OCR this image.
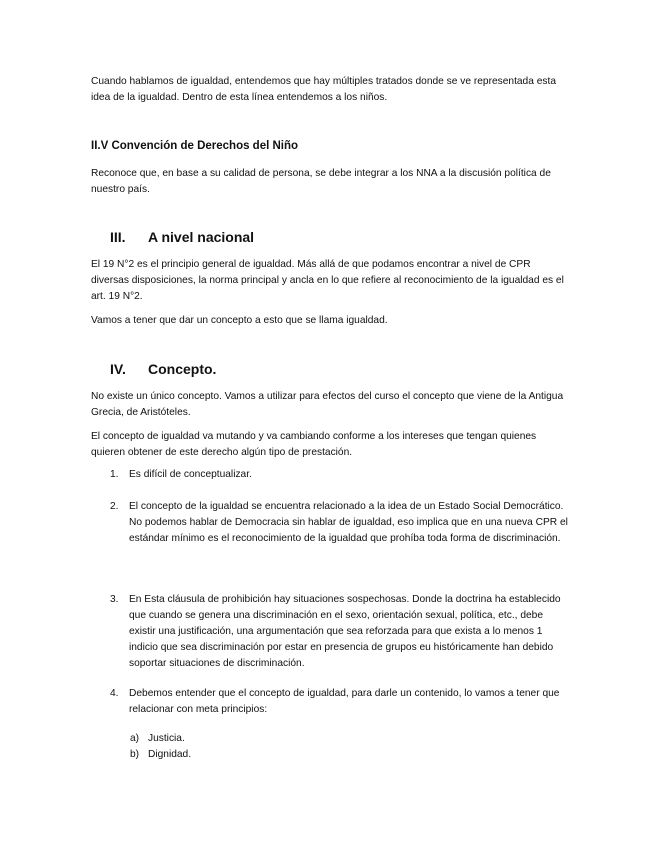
Cuando hablamos de igualdad, entendemos que hay múltiples tratados donde se ve representada esta idea de la igualdad. Dentro de esta línea entendemos a los niños.

II.V Convención de Derechos del Niño

Reconoce que, en base a su calidad de persona, se debe integrar a los NNA a la discusión política de nuestro país.

III. A nivel nacional

El 19 N°2 es el principio general de igualdad. Más allá de que podamos encontrar a nivel de CPR diversas disposiciones, la norma principal y ancla en lo que refiere al reconocimiento de la igualdad es el art. 19 N°2.

Vamos a tener que dar un concepto a esto que se llama igualdad.

IV. Concepto.

No existe un único concepto. Vamos a utilizar para efectos del curso el concepto que viene de la Antigua Grecia, de Aristóteles.

El concepto de igualdad va mutando y va cambiando conforme a los intereses que tengan quienes quieren obtener de este derecho algún tipo de prestación.

1. Es difícil de conceptualizar.
2. El concepto de la igualdad se encuentra relacionado a la idea de un Estado Social Democrático. No podemos hablar de Democracia sin hablar de igualdad, eso implica que en una nueva CPR el estándar mínimo es el reconocimiento de la igualdad que prohíba toda forma de discriminación.
3. En Esta cláusula de prohibición hay situaciones sospechosas. Donde la doctrina ha establecido que cuando se genera una discriminación en el sexo, orientación sexual, política, etc., debe existir una justificación, una argumentación que sea reforzada para que exista a lo menos 1 indicio que sea discriminación por estar en presencia de grupos eu históricamente han debido soportar situaciones de discriminación.
4. Debemos entender que el concepto de igualdad, para darle un contenido, lo vamos a tener que relacionar con meta principios:

a) Justicia.

b) Dignidad.
